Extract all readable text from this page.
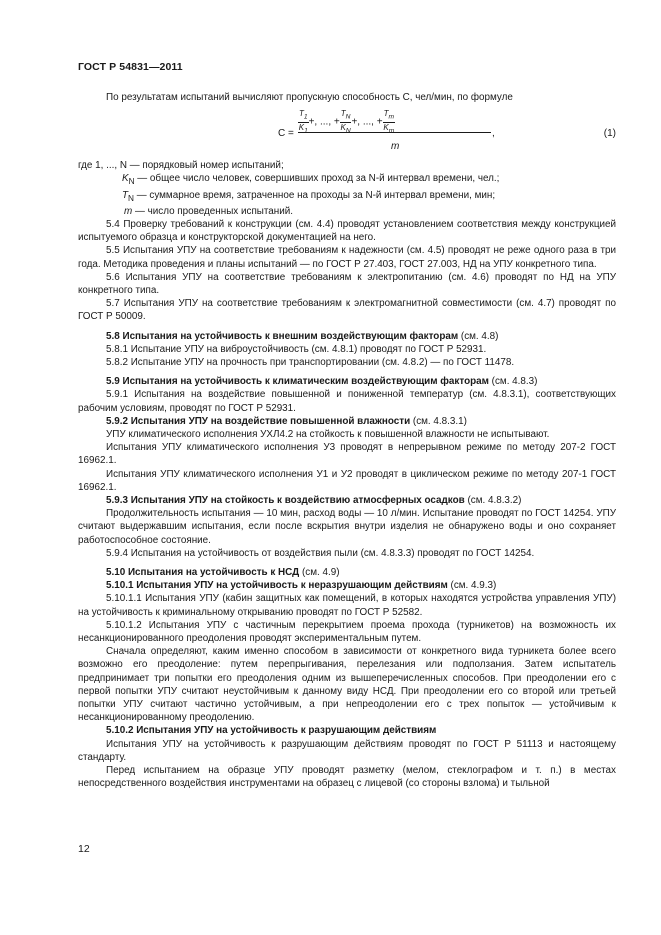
ГОСТ Р 54831—2011

По результатам испытаний вычисляют пропускную способность С, чел/мин, по формуле

$C = \frac{T_1}{K_1}$ +, ..., + $\frac{T_N}{K_N}$ +, ..., + $\frac{T_m}{K_m}$
m
,	(1)

где 1, ..., N — порядковый номер испытаний;

$K_N$ — общее число человек, совершивших проход за N-й интервал времени, чел.;

$T_N$ — суммарное время, затраченное на проходы за N-й интервал времени, мин;

m — число проведенных испытаний.

5.4 Проверку требований к конструкции (см. 4.4) проводят установлением соответствия между конструкцией испытуемого образца и конструкторской документацией на него.

5.5 Испытания УПУ на соответствие требованиям к надежности (см. 4.5) проводят не реже одного раза в три года. Методика проведения и планы испытаний — по ГОСТ Р 27.403, ГОСТ 27.003, НД на УПУ конкретного типа.

5.6 Испытания УПУ на соответствие требованиям к электропитанию (см. 4.6) проводят по НД на УПУ конкретного типа.

5.7 Испытания УПУ на соответствие требованиям к электромагнитной совместимости (см. 4.7) проводят по ГОСТ Р 50009.

5.8 Испытания на устойчивость к внешним воздействующим факторам (см. 4.8)

5.8.1 Испытание УПУ на виброустойчивость (см. 4.8.1) проводят по ГОСТ Р 52931.

5.8.2 Испытание УПУ на прочность при транспортировании (см. 4.8.2) — по ГОСТ 11478.

5.9 Испытания на устойчивость к климатическим воздействующим факторам (см. 4.8.3)

5.9.1 Испытания на воздействие повышенной и пониженной температур (см. 4.8.3.1), соответствующих рабочим условиям, проводят по ГОСТ Р 52931.

5.9.2 Испытания УПУ на воздействие повышенной влажности (см. 4.8.3.1)

УПУ климатического исполнения УХЛ4.2 на стойкость к повышенной влажности не испытывают.

Испытания УПУ климатического исполнения У3 проводят в непрерывном режиме по методу 207-2 ГОСТ 16962.1.

Испытания УПУ климатического исполнения У1 и У2 проводят в циклическом режиме по методу 207-1 ГОСТ 16962.1.

5.9.3 Испытания УПУ на стойкость к воздействию атмосферных осадков (см. 4.8.3.2)

Продолжительность испытания — 10 мин, расход воды — 10 л/мин. Испытание проводят по ГОСТ 14254. УПУ считают выдержавшим испытания, если после вскрытия внутри изделия не обнаружено воды и оно сохраняет работоспособное состояние.

5.9.4 Испытания на устойчивость от воздействия пыли (см. 4.8.3.3) проводят по ГОСТ 14254.

5.10 Испытания на устойчивость к НСД (см. 4.9)

5.10.1 Испытания УПУ на устойчивость к неразрушающим действиям (см. 4.9.3)

5.10.1.1 Испытания УПУ (кабин защитных как помещений, в которых находятся устройства управления УПУ) на устойчивость к криминальному открыванию проводят по ГОСТ Р 52582.

5.10.1.2 Испытания УПУ с частичным перекрытием проема прохода (турникетов) на возможность их несанкционированного преодоления проводят экспериментальным путем.

Сначала определяют, каким именно способом в зависимости от конкретного вида турникета более всего возможно его преодоление: путем перепрыгивания, перелезания или подползания. Затем испытатель предпринимает три попытки его преодоления одним из вышеперечисленных способов. При преодолении его с первой попытки УПУ считают неустойчивым к данному виду НСД. При преодолении его со второй или третьей попытки УПУ считают частично устойчивым, а при непреодолении его с трех попыток — устойчивым к несанкционированному преодолению.

5.10.2 Испытания УПУ на устойчивость к разрушающим действиям

Испытания УПУ на устойчивость к разрушающим действиям проводят по ГОСТ Р 51113 и настоящему стандарту.

Перед испытанием на образце УПУ проводят разметку (мелом, стеклографом и т. п.) в местах непосредственного воздействия инструментами на образец с лицевой (со стороны взлома) и тыльной

12
